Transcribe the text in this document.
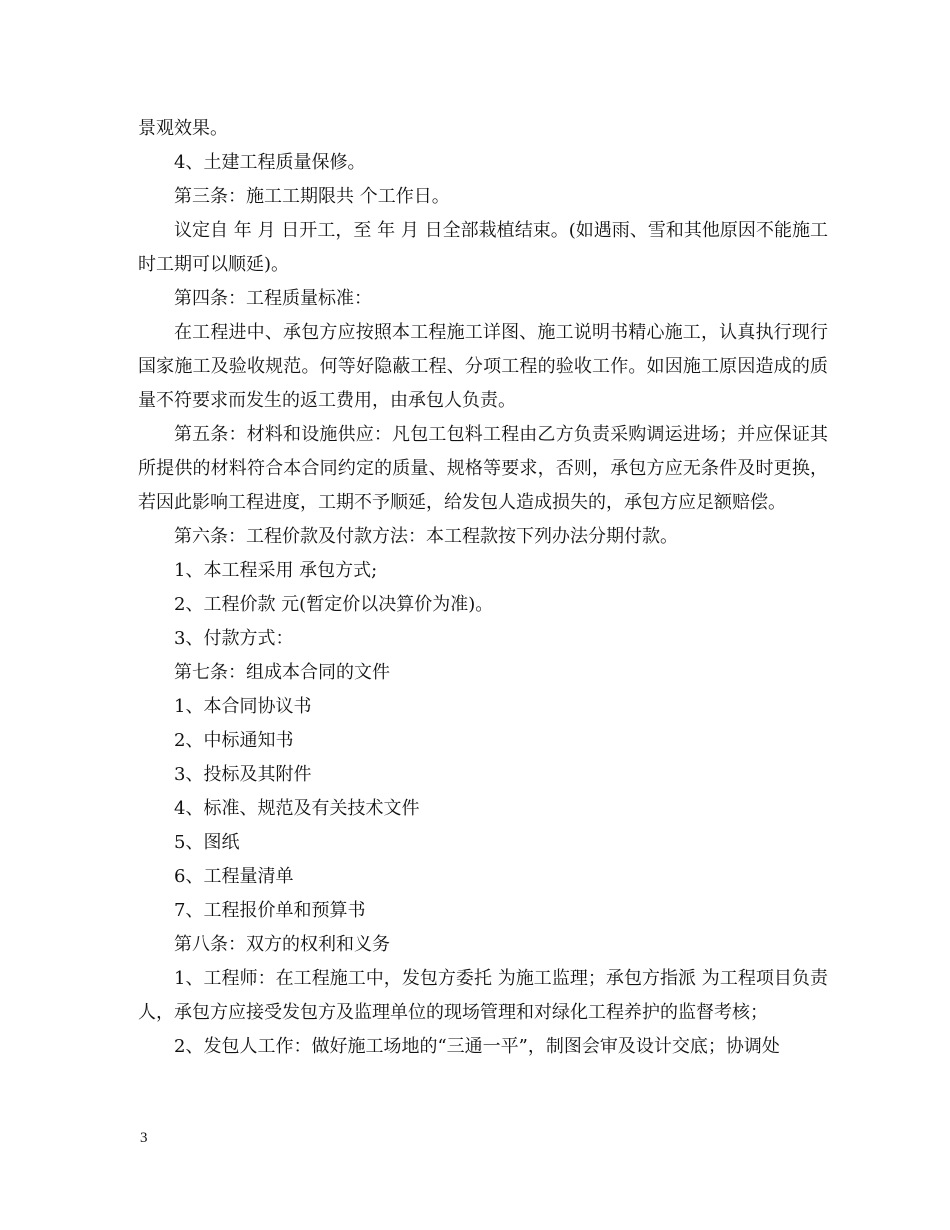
景观效果。

4、土建工程质量保修。

第三条：施工工期限共 个工作日。

议定自 年 月 日开工，至 年 月 日全部栽植结束。(如遇雨、雪和其他原因不能施工时工期可以顺延)。

第四条：工程质量标准：

在工程进中、承包方应按照本工程施工详图、施工说明书精心施工，认真执行现行国家施工及验收规范。何等好隐蔽工程、分项工程的验收工作。如因施工原因造成的质量不符要求而发生的返工费用，由承包人负责。

第五条：材料和设施供应：凡包工包料工程由乙方负责采购调运进场；并应保证其所提供的材料符合本合同约定的质量、规格等要求，否则，承包方应无条件及时更换，若因此影响工程进度，工期不予顺延，给发包人造成损失的，承包方应足额赔偿。

第六条：工程价款及付款方法：本工程款按下列办法分期付款。

1、本工程采用 承包方式;

2、工程价款 元(暂定价以决算价为准)。

3、付款方式：

第七条：组成本合同的文件

1、本合同协议书

2、中标通知书

3、投标及其附件

4、标准、规范及有关技术文件

5、图纸

6、工程量清单

7、工程报价单和预算书

第八条：双方的权利和义务

1、工程师：在工程施工中，发包方委托 为施工监理；承包方指派 为工程项目负责人，承包方应接受发包方及监理单位的现场管理和对绿化工程养护的监督考核；

2、发包人工作：做好施工场地的“三通一平”，制图会审及设计交底；协调处

3
